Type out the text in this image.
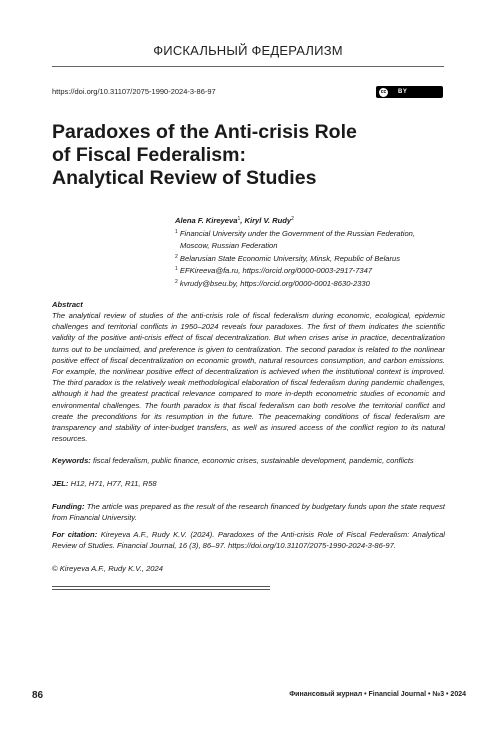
ФИСКАЛЬНЫЙ ФЕДЕРАЛИЗМ
https://doi.org/10.31107/2075-1990-2024-3-86-97	cc BY
Paradoxes of the Anti-crisis Role
of Fiscal Federalism:
Analytical Review of Studies
Alena F. Kireyeva$^1$, Kiryl V. Rudy$^2$
$^1$ Financial University under the Government of the Russian Federation,
Moscow, Russian Federation
$^2$ Belarusian State Economic University, Minsk, Republic of Belarus
$^1$ EFKireeva@fa.ru, https://orcid.org/0000-0003-2917-7347
$^2$ kvrudy@bseu.by, https://orcid.org/0000-0001-8630-2330
Abstract
The analytical review of studies of the anti-crisis role of fiscal federalism during economic, ecological, epidemic challenges and territorial conflicts in 1950–2024 reveals four paradoxes. The first of them indicates the scientific validity of the positive anti-crisis effect of fiscal decentralization. But when crises arise in practice, decentralization turns out to be unclaimed, and preference is given to centralization. The second paradox is related to the nonlinear positive effect of fiscal decentralization on economic growth, natural resources consumption, and carbon emissions. For example, the nonlinear positive effect of decentralization is achieved when the institutional context is improved. The third paradox is the relatively weak methodological elaboration of fiscal federalism during pandemic challenges, although it had the greatest practical relevance compared to more in-depth econometric studies of economic and environmental challenges. The fourth paradox is that fiscal federalism can both resolve the territorial conflict and create the preconditions for its resumption in the future. The peacemaking conditions of fiscal federalism are transparency and stability of inter-budget transfers, as well as insured access of the conflict region to its natural resources.
Keywords: fiscal federalism, public finance, economic crises, sustainable development, pandemic, conflicts
JEL: H12, H71, H77, R11, R58
Funding: The article was prepared as the result of the research financed by budgetary funds upon the state request from Financial University.
For citation: Kireyeva A.F., Rudy K.V. (2024). Paradoxes of the Anti-crisis Role of Fiscal Federalism: Analytical Review of Studies. Financial Journal, 16 (3), 86–97. https://doi.org/10.31107/2075-1990-2024-3-86-97.
© Kireyeva A.F., Rudy K.V., 2024
86	Финансовый журнал • Financial Journal • №3 • 2024
